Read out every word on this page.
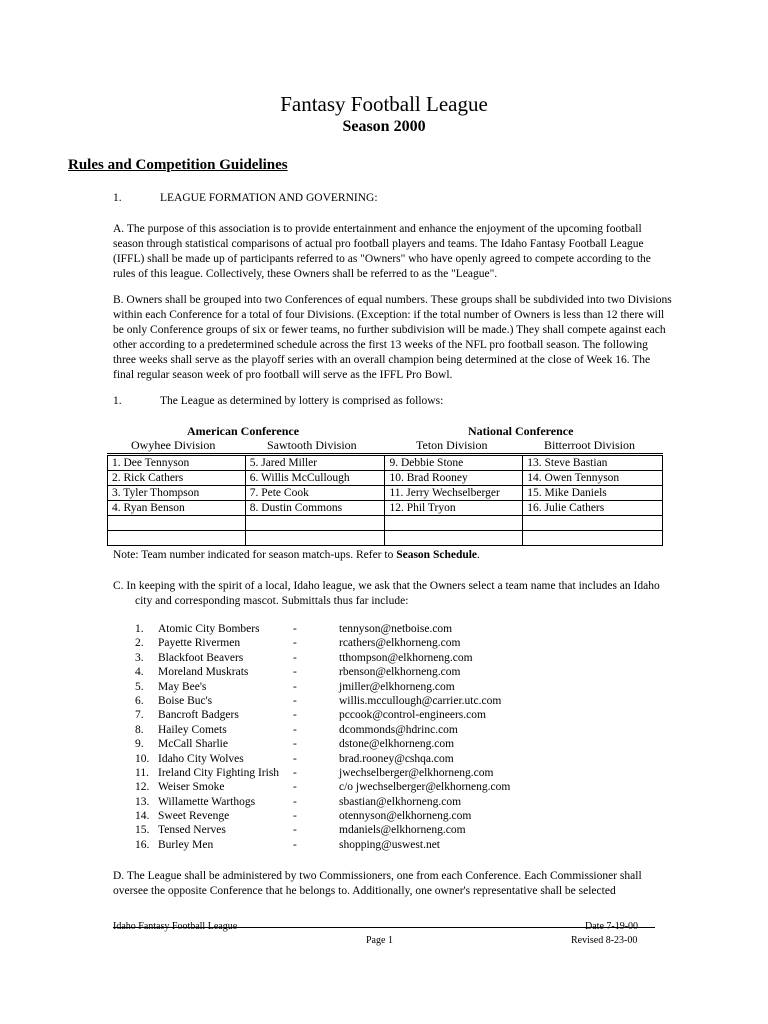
Fantasy Football League
Season 2000
Rules and Competition Guidelines
1.	LEAGUE FORMATION AND GOVERNING:

A. The purpose of this association is to provide entertainment and enhance the enjoyment of the upcoming football season through statistical comparisons of actual pro football players and teams. The Idaho Fantasy Football League (IFFL) shall be made up of participants referred to as "Owners" who have openly agreed to compete according to the rules of this league. Collectively, these Owners shall be referred to as the "League".

B. Owners shall be grouped into two Conferences of equal numbers. These groups shall be subdivided into two Divisions within each Conference for a total of four Divisions. (Exception: if the total number of Owners is less than 12 there will be only Conference groups of six or fewer teams, no further subdivision will be made.) They shall compete against each other according to a predetermined schedule across the first 13 weeks of the NFL pro football season. The following three weeks shall serve as the playoff series with an overall champion being determined at the close of Week 16. The final regular season week of pro football will serve as the IFFL Pro Bowl.

1.	The League as determined by lottery is comprised as follows:
American Conference	National Conference
Owyhee Division	Sawtooth Division	Teton Division	Bitterroot Division
1. Dee Tennyson	5. Jared Miller	9. Debbie Stone	13. Steve Bastian
2. Rick Cathers	6. Willis McCullough	10. Brad Rooney	14. Owen Tennyson
3. Tyler Thompson	7. Pete Cook	11. Jerry Wechselberger	15. Mike Daniels
4. Ryan Benson	8. Dustin Commons	12. Phil Tryon	16. Julie Cathers

Note: Team number indicated for season match-ups. Refer to Season Schedule.

C. In keeping with the spirit of a local, Idaho league, we ask that the Owners select a team name that includes an Idaho city and corresponding mascot. Submittals thus far include:

1. Atomic City Bombers	-	tennyson@netboise.com
2. Payette Rivermen	-	rcathers@elkhorneng.com
3. Blackfoot Beavers	-	tthompson@elkhorneng.com
4. Moreland Muskrats	-	rbenson@elkhorneng.com
5. May Bee's	-	jmiller@elkhorneng.com
6. Boise Buc's	-	willis.mccullough@carrier.utc.com
7. Bancroft Badgers	-	pccook@control-engineers.com
8. Hailey Comets	-	dcommonds@hdrinc.com
9. McCall Sharlie	-	dstone@elkhorneng.com
10. Idaho City Wolves	-	brad.rooney@cshqa.com
11. Ireland City Fighting Irish -	jwechselberger@elkhorneng.com
12. Weiser Smoke	-	c/o jwechselberger@elkhorneng.com
13. Willamette Warthogs	-	sbastian@elkhorneng.com
14. Sweet Revenge	-	otennyson@elkhorneng.com
15. Tensed Nerves	-	mdaniels@elkhorneng.com
16. Burley Men	-	shopping@uswest.net

D. The League shall be administered by two Commissioners, one from each Conference. Each Commissioner shall oversee the opposite Conference that he belongs to. Additionally, one owner's representative shall be selected

Idaho Fantasy Football League	Date 7-19-00
Page 1	Revised 8-23-00
